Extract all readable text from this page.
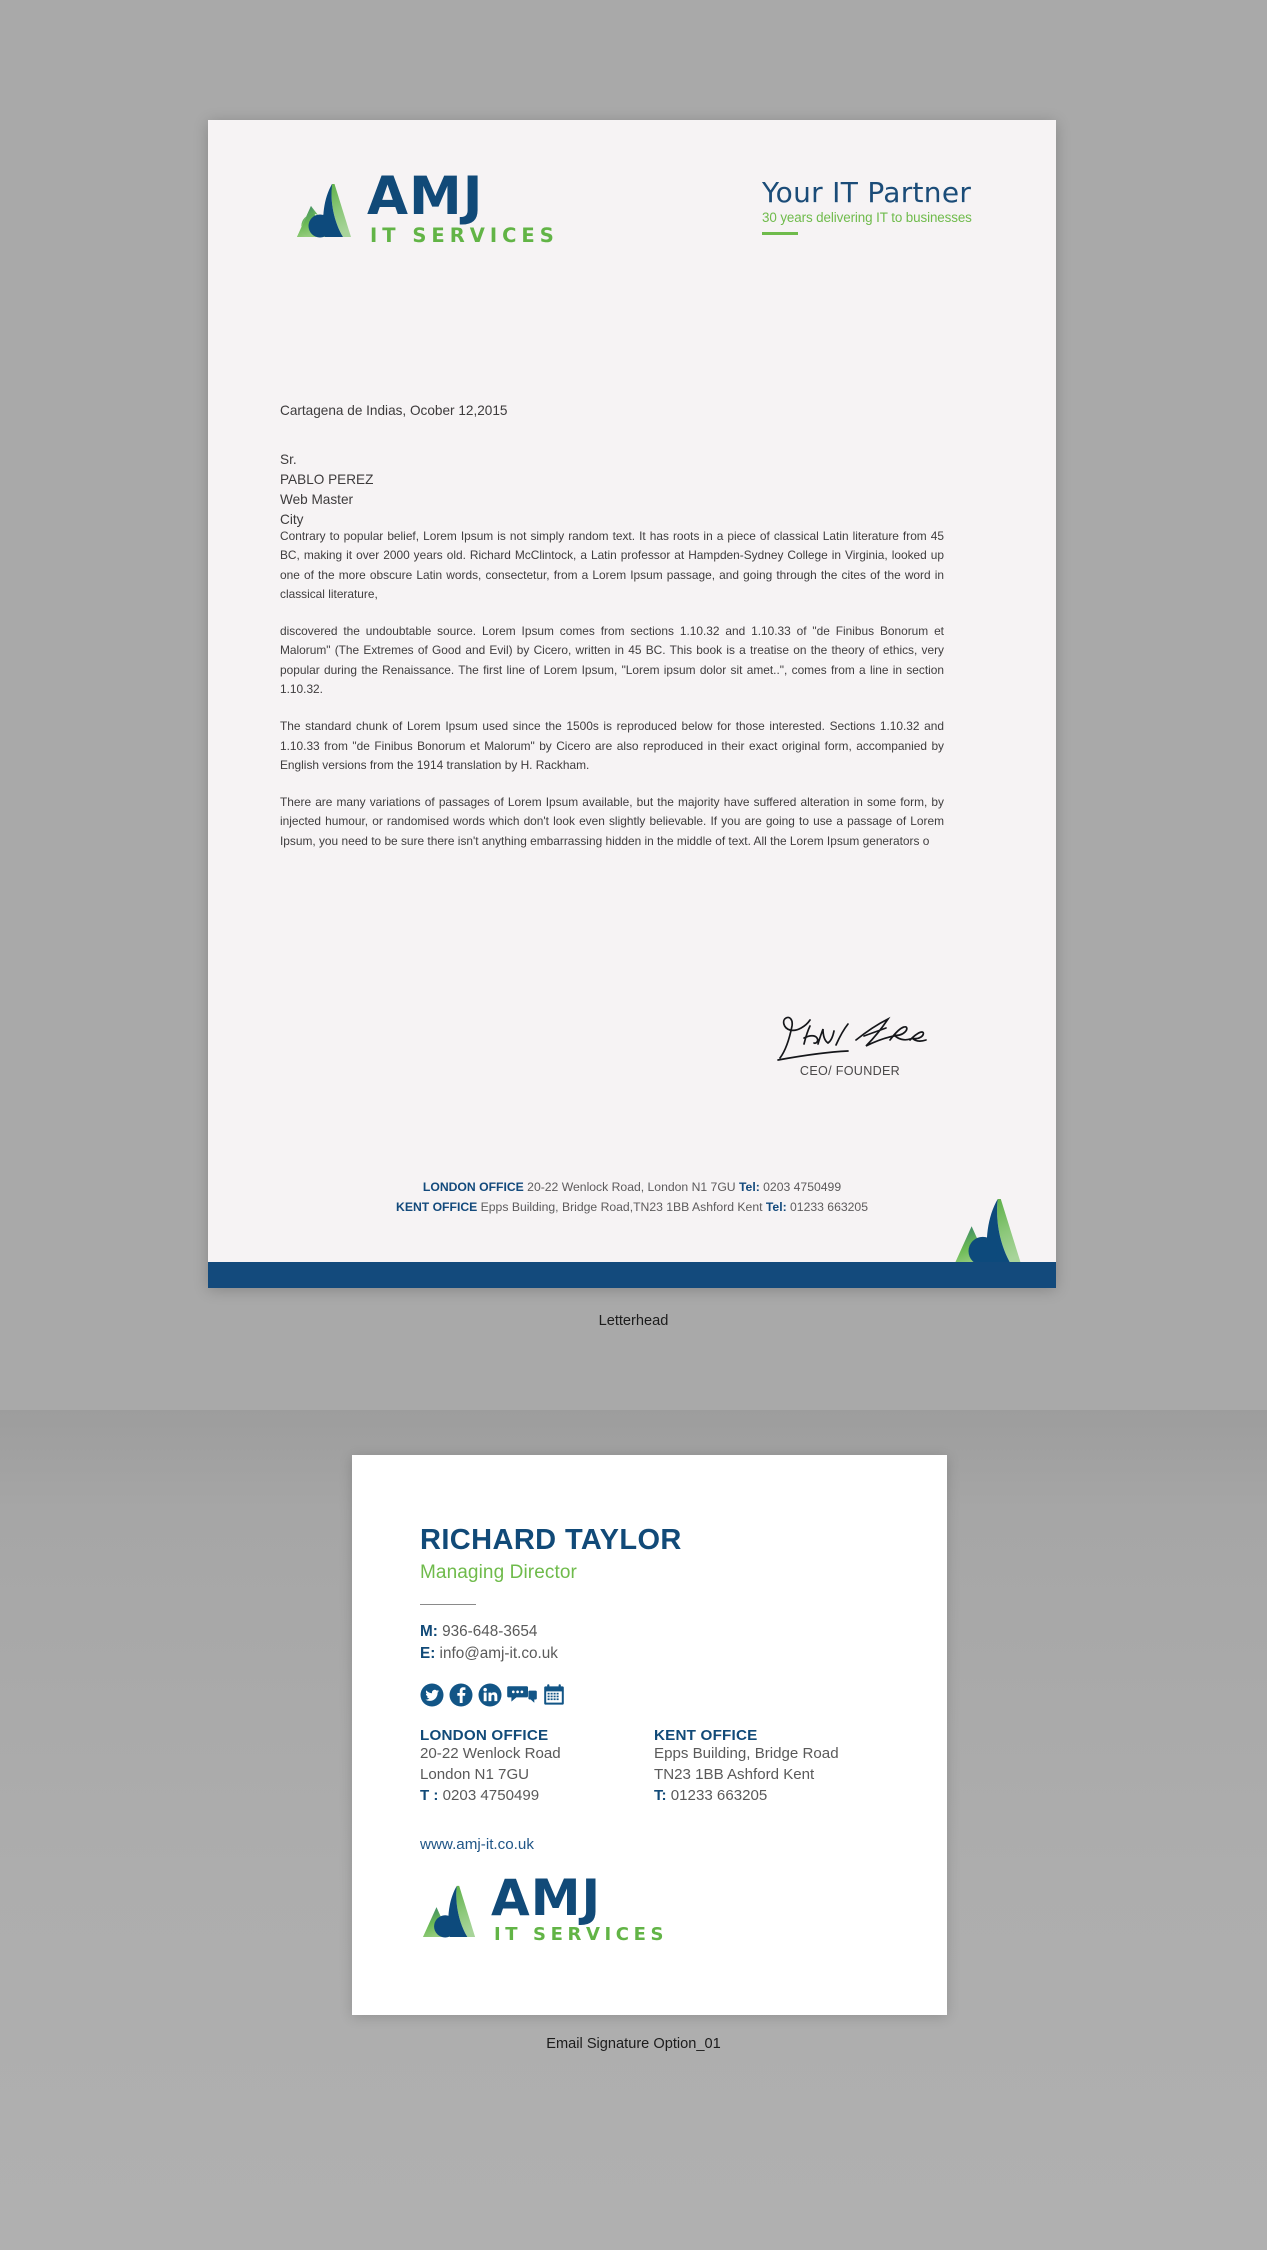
AMJ
IT SERVICES
Your IT Partner
30 years delivering IT to businesses
Cartagena de Indias, Ocober 12,2015
Sr.
PABLO PEREZ
Web Master
City

Contrary to popular belief, Lorem Ipsum is not simply random text. It has roots in a piece of classical Latin literature from 45 BC, making it over 2000 years old. Richard McClintock, a Latin professor at Hampden-Sydney College in Virginia, looked up one of the more obscure Latin words, consectetur, from a Lorem Ipsum passage, and going through the cites of the word in classical literature,

discovered the undoubtable source. Lorem Ipsum comes from sections 1.10.32 and 1.10.33 of "de Finibus Bonorum et Malorum" (The Extremes of Good and Evil) by Cicero, written in 45 BC. This book is a treatise on the theory of ethics, very popular during the Renaissance. The first line of Lorem Ipsum, "Lorem ipsum dolor sit amet..", comes from a line in section 1.10.32.

The standard chunk of Lorem Ipsum used since the 1500s is reproduced below for those interested. Sections 1.10.32 and 1.10.33 from "de Finibus Bonorum et Malorum" by Cicero are also reproduced in their exact original form, accompanied by English versions from the 1914 translation by H. Rackham.

There are many variations of passages of Lorem Ipsum available, but the majority have suffered alteration in some form, by injected humour, or randomised words which don't look even slightly believable. If you are going to use a passage of Lorem Ipsum, you need to be sure there isn't anything embarrassing hidden in the middle of text. All the Lorem Ipsum generators o

CEO/ FOUNDER
LONDON OFFICE 20-22 Wenlock Road, London N1 7GU Tel: 0203 4750499
KENT OFFICE Epps Building, Bridge Road,TN23 1BB Ashford Kent Tel: 01233 663205
Letterhead
RICHARD TAYLOR
Managing Director
M: 936-648-3654
E: info@amj-it.co.uk
LONDON OFFICE
20-22 Wenlock Road
London N1 7GU
T : 0203 4750499
KENT OFFICE
Epps Building, Bridge Road
TN23 1BB Ashford Kent
T: 01233 663205
www.amj-it.co.uk
AMJ
IT SERVICES
Email Signature Option_01
